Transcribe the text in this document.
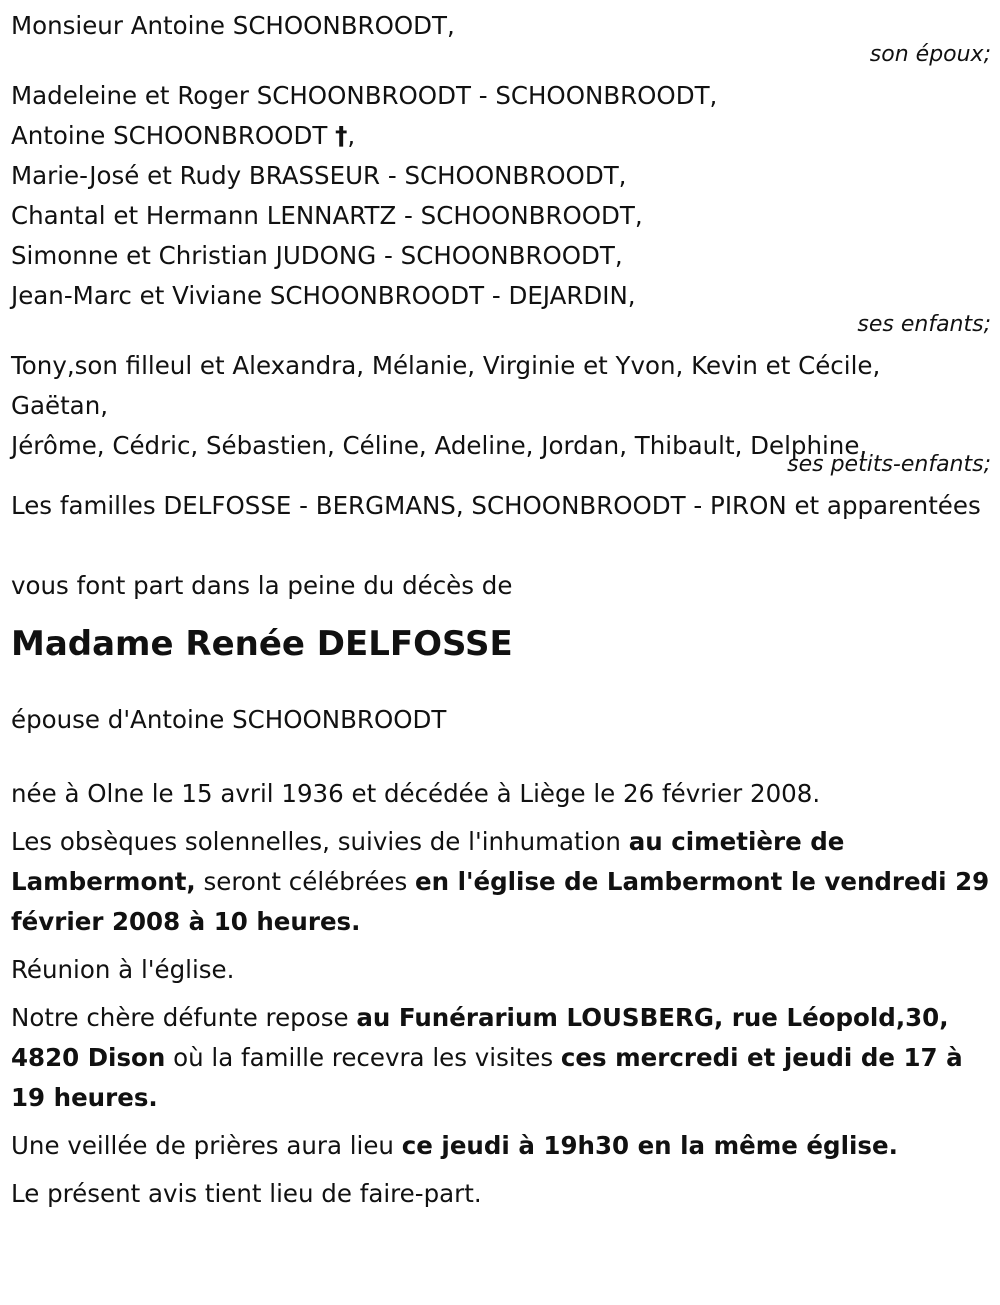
Monsieur Antoine SCHOONBROODT,
son époux;
Madeleine et Roger SCHOONBROODT - SCHOONBROODT,
Antoine SCHOONBROODT †,
Marie-José et Rudy BRASSEUR - SCHOONBROODT,
Chantal et Hermann LENNARTZ - SCHOONBROODT,
Simonne et Christian JUDONG - SCHOONBROODT,
Jean-Marc et Viviane SCHOONBROODT - DEJARDIN,
ses enfants;
Tony,son filleul et Alexandra, Mélanie, Virginie et Yvon, Kevin et Cécile,
Gaëtan,
Jérôme, Cédric, Sébastien, Céline, Adeline, Jordan, Thibault, Delphine,
ses petits-enfants;
Les familles DELFOSSE - BERGMANS, SCHOONBROODT - PIRON et apparentées
vous font part dans la peine du décès de
Madame Renée DELFOSSE
épouse d'Antoine SCHOONBROODT
née à Olne le 15 avril 1936 et décédée à Liège le 26 février 2008.
Les obsèques solennelles, suivies de l'inhumation au cimetière de Lambermont, seront célébrées en l'église de Lambermont le vendredi 29 février 2008 à 10 heures.
Réunion à l'église.
Notre chère défunte repose au Funérarium LOUSBERG, rue Léopold,30, 4820 Dison où la famille recevra les visites ces mercredi et jeudi de 17 à 19 heures.
Une veillée de prières aura lieu ce jeudi à 19h30 en la même église.
Le présent avis tient lieu de faire-part.
